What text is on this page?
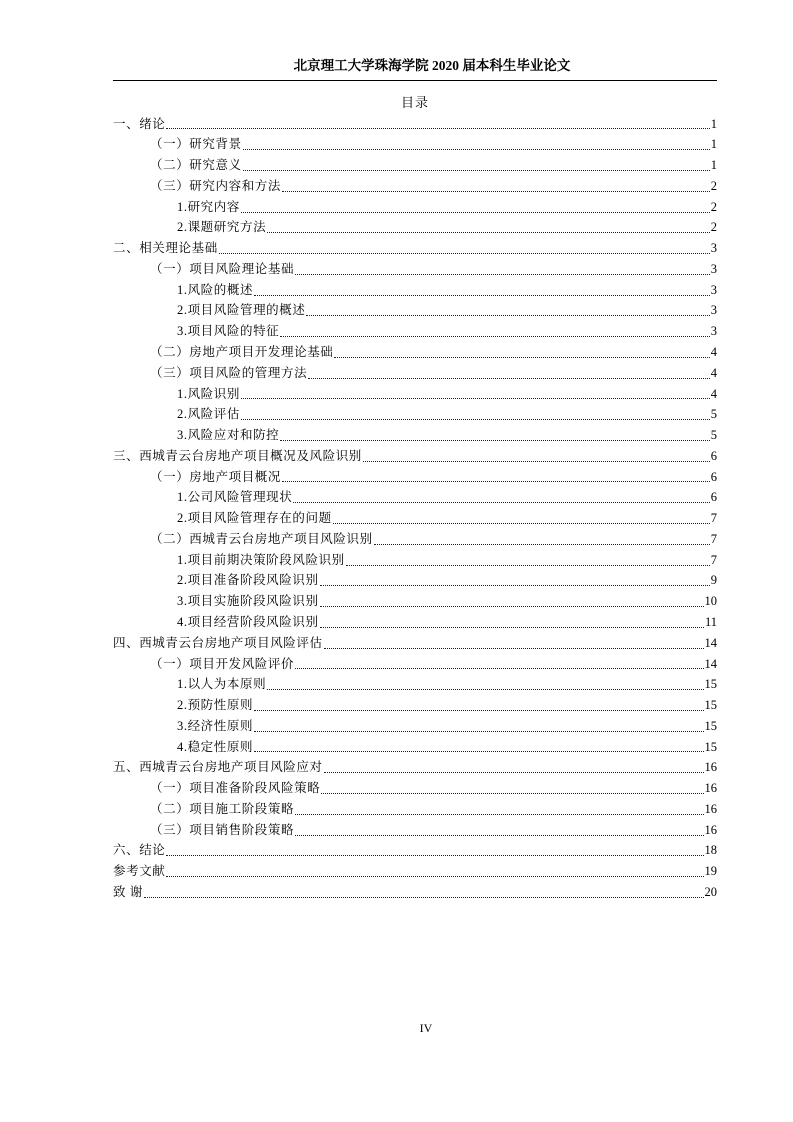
北京理工大学珠海学院 2020 届本科生毕业论文
目录
一、绪论	1
（一）研究背景	1
（二）研究意义	1
（三）研究内容和方法	2
1.研究内容	2
2.课题研究方法	2
二、相关理论基础	3
（一）项目风险理论基础	3
1.风险的概述	3
2.项目风险管理的概述	3
3.项目风险的特征	3
（二）房地产项目开发理论基础	4
（三）项目风险的管理方法	4
1.风险识别	4
2.风险评估	5
3.风险应对和防控	5
三、西城青云台房地产项目概况及风险识别	6
（一）房地产项目概况	6
1.公司风险管理现状	6
2.项目风险管理存在的问题	7
（二）西城青云台房地产项目风险识别	7
1.项目前期决策阶段风险识别	7
2.项目准备阶段风险识别	9
3.项目实施阶段风险识别	10
4.项目经营阶段风险识别	11
四、西城青云台房地产项目风险评估	14
（一）项目开发风险评价	14
1.以人为本原则	15
2.预防性原则	15
3.经济性原则	15
4.稳定性原则	15
五、西城青云台房地产项目风险应对	16
（一）项目准备阶段风险策略	16
（二）项目施工阶段策略	16
（三）项目销售阶段策略	16
六、结论	18
参考文献	19
致 谢	20
IV
